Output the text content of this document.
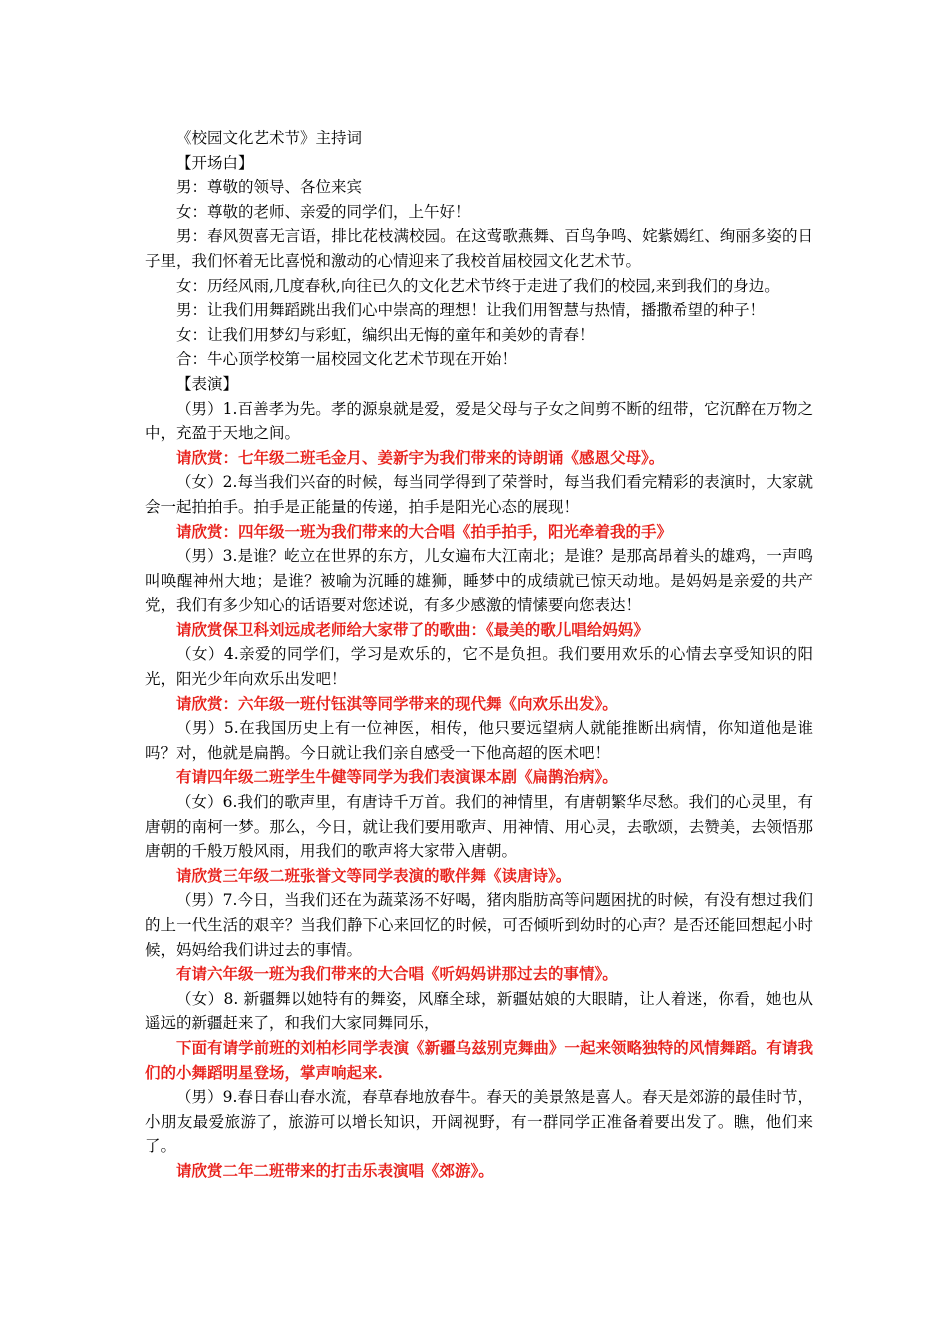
《校园文化艺术节》主持词

【开场白】

男：尊敬的领导、各位来宾

女：尊敬的老师、亲爱的同学们，上午好！

男：春风贺喜无言语，排比花枝满校园。在这莺歌燕舞、百鸟争鸣、姹紫嫣红、绚丽多姿的日子里，我们怀着无比喜悦和激动的心情迎来了我校首届校园文化艺术节。

女：历经风雨,几度春秋,向往已久的文化艺术节终于走进了我们的校园,来到我们的身边。

男：让我们用舞蹈跳出我们心中崇高的理想！让我们用智慧与热情，播撒希望的种子！

女：让我们用梦幻与彩虹，编织出无悔的童年和美妙的青春！

合：牛心顶学校第一届校园文化艺术节现在开始！

【表演】

（男）1.百善孝为先。孝的源泉就是爱，爱是父母与子女之间剪不断的纽带，它沉醉在万物之中，充盈于天地之间。

请欣赏：七年级二班毛金月、姜新宇为我们带来的诗朗诵《感恩父母》。

（女）2.每当我们兴奋的时候，每当同学得到了荣誉时，每当我们看完精彩的表演时，大家就会一起拍拍手。拍手是正能量的传递，拍手是阳光心态的展现！

请欣赏：四年级一班为我们带来的大合唱《拍手拍手，阳光牵着我的手》

（男）3.是谁？屹立在世界的东方，儿女遍布大江南北；是谁？是那高昂着头的雄鸡，一声鸣叫唤醒神州大地；是谁？被喻为沉睡的雄狮，睡梦中的成绩就已惊天动地。是妈妈是亲爱的共产党，我们有多少知心的话语要对您述说，有多少感激的情愫要向您表达！

请欣赏保卫科刘远成老师给大家带了的歌曲：《最美的歌儿唱给妈妈》

（女）4.亲爱的同学们，学习是欢乐的，它不是负担。我们要用欢乐的心情去享受知识的阳光，阳光少年向欢乐出发吧！

请欣赏：六年级一班付钰淇等同学带来的现代舞《向欢乐出发》。

（男）5.在我国历史上有一位神医，相传，他只要远望病人就能推断出病情，你知道他是谁吗？对，他就是扁鹊。今日就让我们亲自感受一下他高超的医术吧！

有请四年级二班学生牛健等同学为我们表演课本剧《扁鹊治病》。

（女）6.我们的歌声里，有唐诗千万首。我们的神情里，有唐朝繁华尽愁。我们的心灵里，有唐朝的南柯一梦。那么，今日，就让我们要用歌声、用神情、用心灵，去歌颂，去赞美，去领悟那唐朝的千般万般风雨，用我们的歌声将大家带入唐朝。

请欣赏三年级二班张誉文等同学表演的歌伴舞《读唐诗》。

（男）7.今日，当我们还在为蔬菜汤不好喝，猪肉脂肪高等问题困扰的时候，有没有想过我们的上一代生活的艰辛？当我们静下心来回忆的时候，可否倾听到幼时的心声？是否还能回想起小时候，妈妈给我们讲过去的事情。

有请六年级一班为我们带来的大合唱《听妈妈讲那过去的事情》。

（女）8. 新疆舞以她特有的舞姿，风靡全球，新疆姑娘的大眼睛，让人着迷，你看，她也从遥远的新疆赶来了，和我们大家同舞同乐，

下面有请学前班的刘柏杉同学表演《新疆乌兹别克舞曲》一起来领略独特的风情舞蹈。有请我们的小舞蹈明星登场，掌声响起来.

（男）9.春日春山春水流，春草春地放春牛。春天的美景煞是喜人。春天是郊游的最佳时节，小朋友最爱旅游了，旅游可以增长知识，开阔视野，有一群同学正准备着要出发了。瞧，他们来了。

请欣赏二年二班带来的打击乐表演唱《郊游》。
